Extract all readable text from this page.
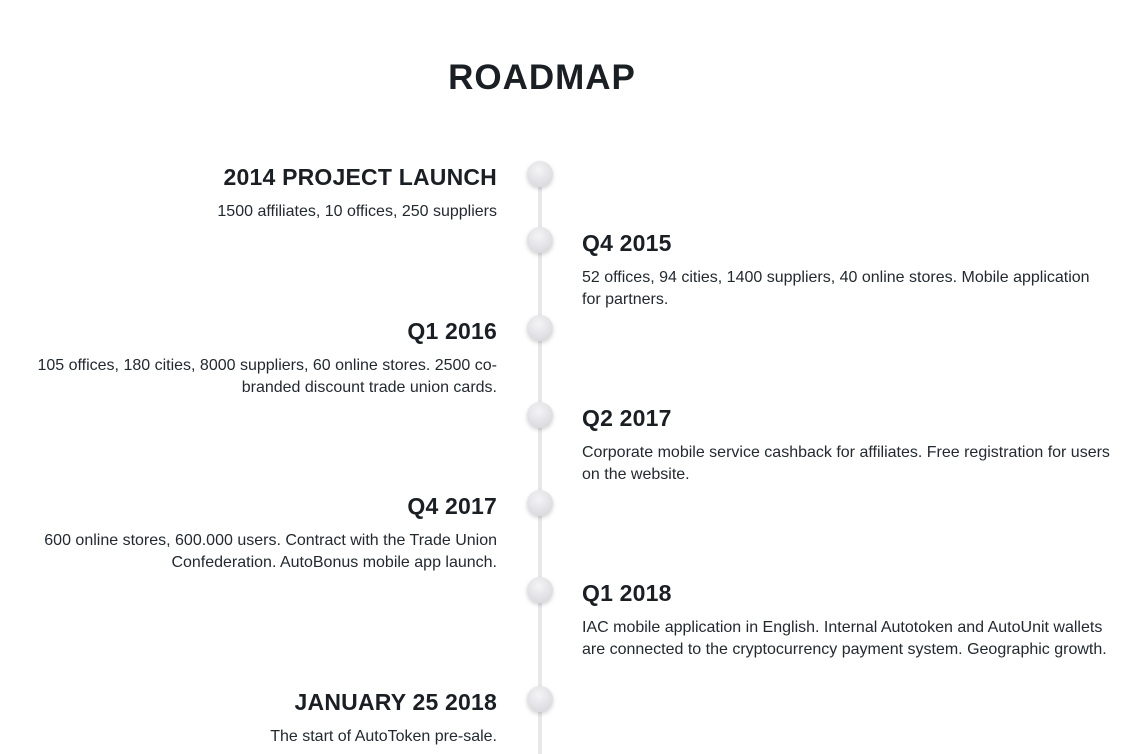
ROADMAP
2014 PROJECT LAUNCH

1500 affiliates, 10 offices, 250 suppliers

Q4 2015

52 offices, 94 cities, 1400 suppliers, 40 online stores. Mobile application for partners.

Q1 2016

105 offices, 180 cities, 8000 suppliers, 60 online stores. 2500 co-branded discount trade union cards.

Q2 2017

Corporate mobile service cashback for affiliates. Free registration for users on the website.

Q4 2017

600 online stores, 600.000 users. Contract with the Trade Union Confederation. AutoBonus mobile app launch.

Q1 2018

IAC mobile application in English. Internal Autotoken and AutoUnit wallets are connected to the cryptocurrency payment system. Geographic growth.

JANUARY 25 2018

The start of AutoToken pre-sale.
